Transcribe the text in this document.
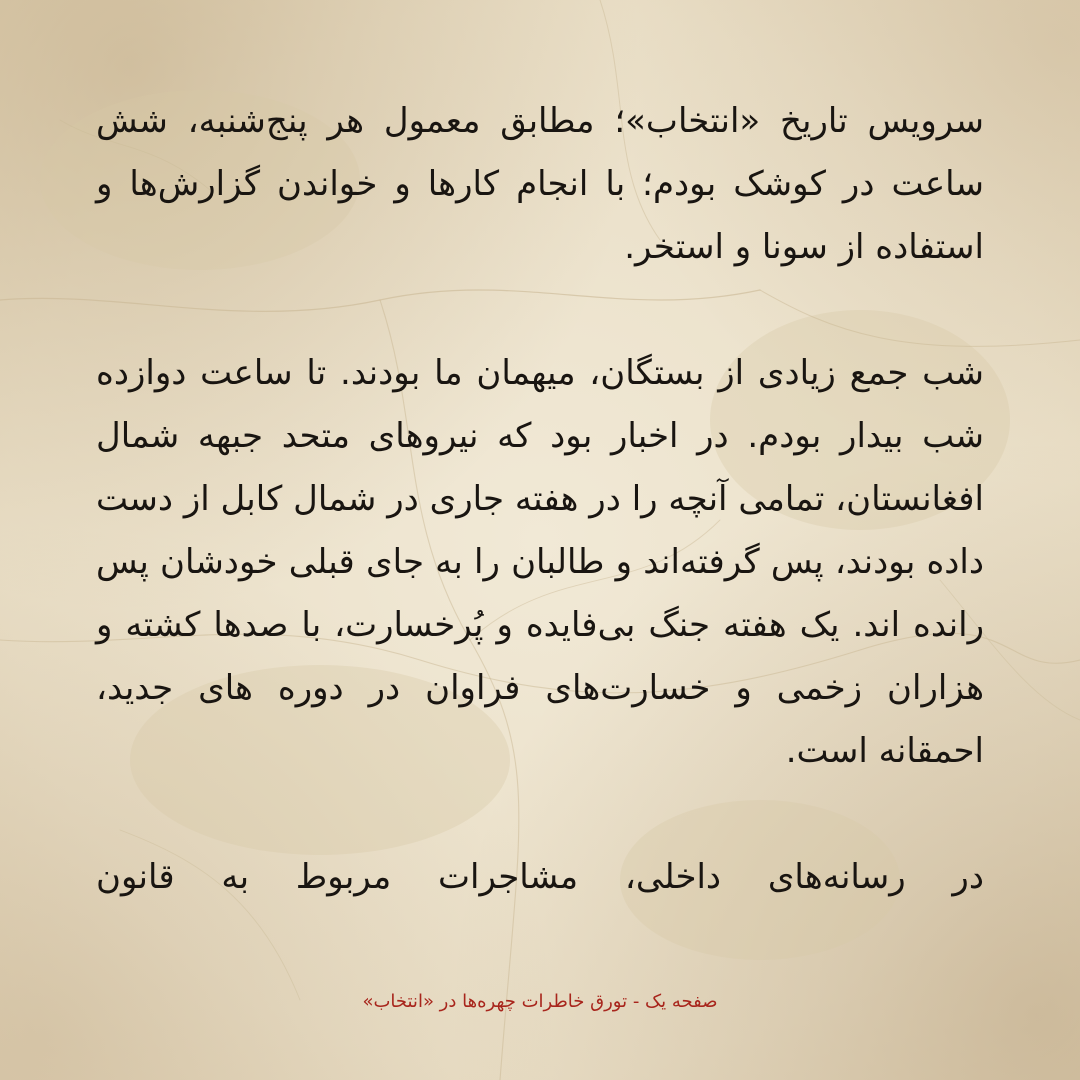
سرویس تاریخ «انتخاب»؛ مطابق معمول هر پنج‌شنبه، شش ساعت در کوشک بودم؛ با انجام کارها و خواندن گزارش‌ها و استفاده از سونا و استخر.

شب جمع زیادی از بستگان، میهمان ما بودند. تا ساعت دوازده شب بیدار بودم. در اخبار بود که نیروهای متحد جبهه شمال افغانستان، تمامی آنچه را در هفته جاری در شمال کابل از دست داده بودند، پس گرفته‌اند و طالبان را به جای قبلی خودشان پس رانده اند. یک هفته جنگ بی‌فایده و پُرخسارت، با صدها کشته و هزاران زخمی و خسارت‌های فراوان در دوره های جدید، احمقانه است.

در رسانه‌های داخلی، مشاجرات مربوط به قانون

صفحه یک - تورق خاطرات چهره‌ها در «انتخاب»
